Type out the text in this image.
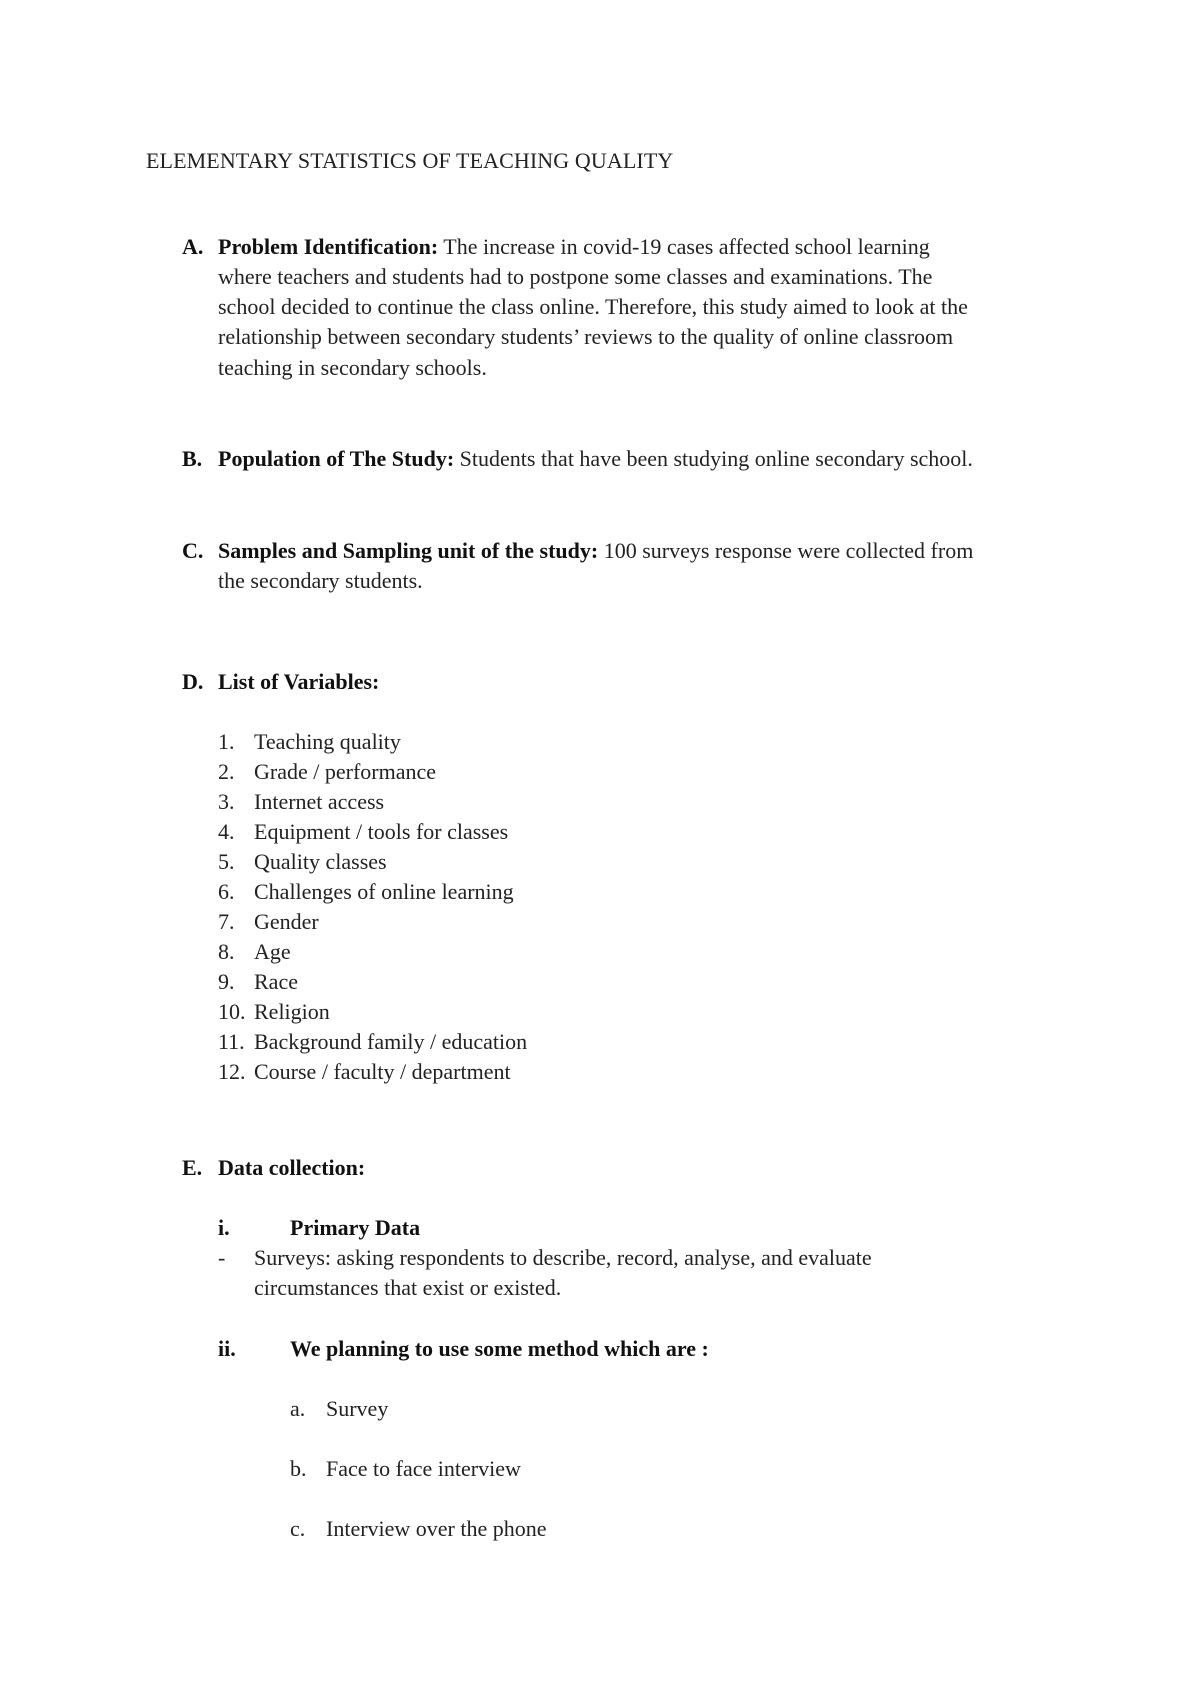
ELEMENTARY STATISTICS OF TEACHING QUALITY
A. Problem Identification: The increase in covid-19 cases affected school learning
where teachers and students had to postpone some classes and examinations. The
school decided to continue the class online. Therefore, this study aimed to look at the
relationship between secondary students’ reviews to the quality of online classroom
teaching in secondary schools.
B. Population of The Study: Students that have been studying online secondary school.
C. Samples and Sampling unit of the study: 100 surveys response were collected from
the secondary students.
D. List of Variables:
1. Teaching quality
2. Grade / performance
3. Internet access
4. Equipment / tools for classes
5. Quality classes
6. Challenges of online learning
7. Gender
8. Age
9. Race
10. Religion
11. Background family / education
12. Course / faculty / department
E. Data collection:
i.	Primary Data
- Surveys: asking respondents to describe, record, analyse, and evaluate
circumstances that exist or existed.
ii. We planning to use some method which are :
a. Survey
b. Face to face interview
c. Interview over the phone
